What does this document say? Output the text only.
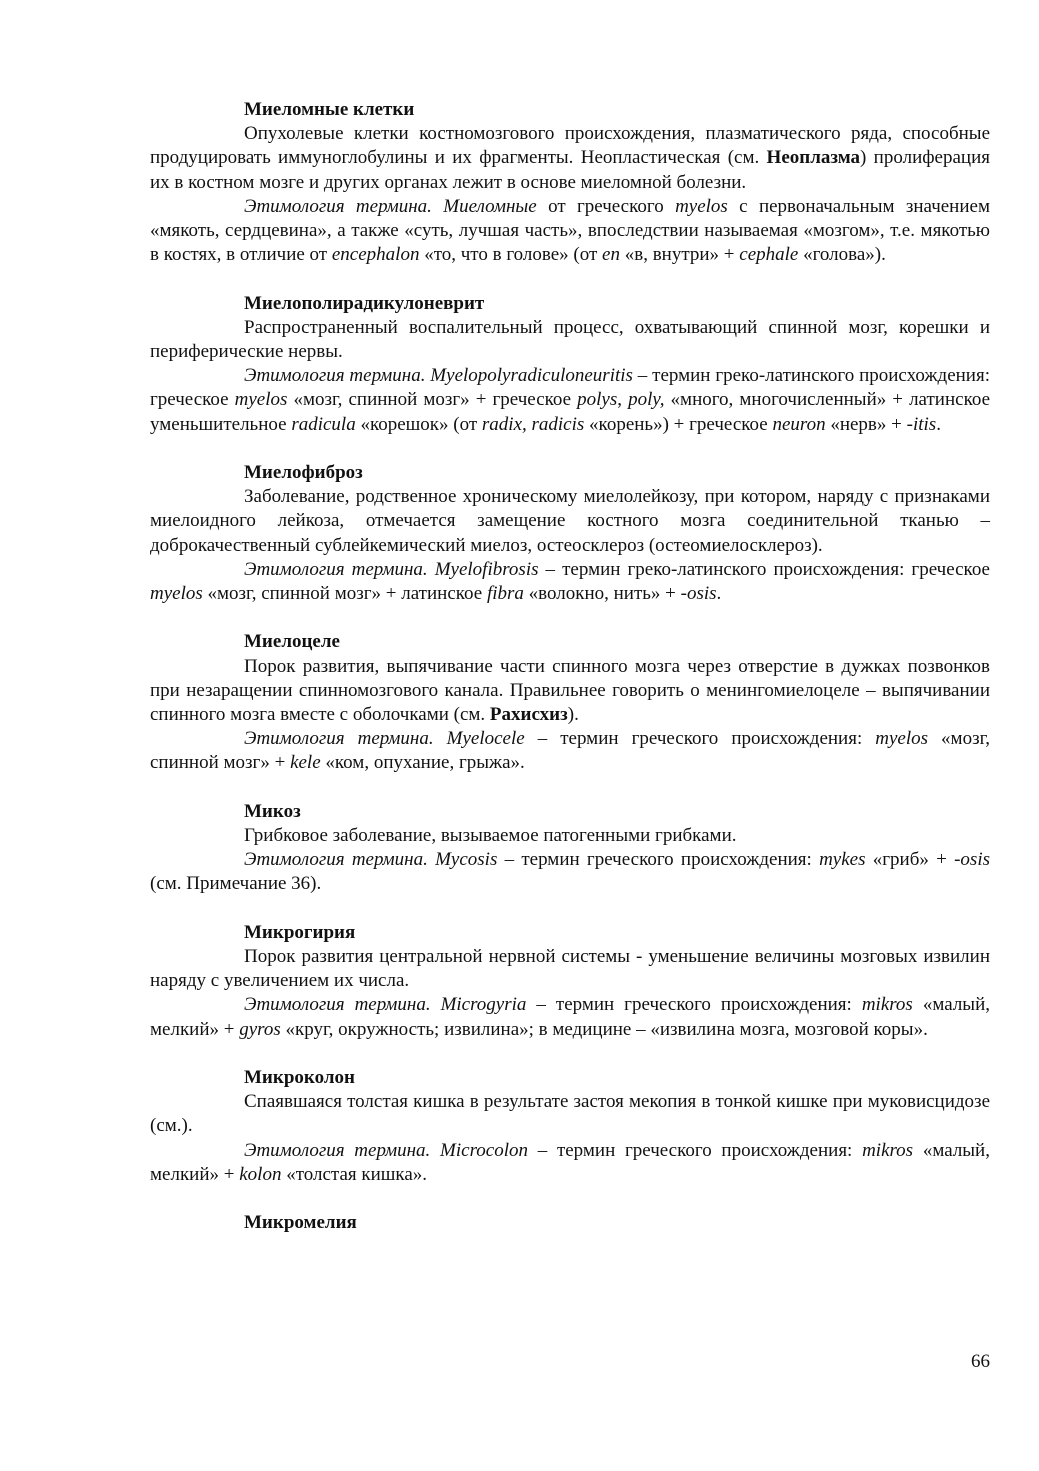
Миеломные клетки

Опухолевые клетки костномозгового происхождения, плазматического ряда, способные продуцировать иммуноглобулины и их фрагменты. Неопластическая (см. Неоплазма) пролиферация их в костном мозге и других органах лежит в основе миеломной болезни.

Этимология термина. Миеломные от греческого myelos с первоначальным значением «мякоть, сердцевина», а также «суть, лучшая часть», впоследствии называемая «мозгом», т.е. мякотью в костях, в отличие от encephalon «то, что в голове» (от en «в, внутри» + cephale «голова»).

Миелополирадикулоневрит

Распространенный воспалительный процесс, охватывающий спинной мозг, корешки и периферические нервы.

Этимология термина. Myelopolyradiculoneuritis – термин греко-латинского происхождения: греческое myelos «мозг, спинной мозг» + греческое polys, poly, «много, многочисленный» + латинское уменьшительное radicula «корешок» (от radix, radicis «корень») + греческое neuron «нерв» + -itis.

Миелофиброз

Заболевание, родственное хроническому миелолейкозу, при котором, наряду с признаками миелоидного лейкоза, отмечается замещение костного мозга соединительной тканью – доброкачественный сублейкемический миелоз, остеосклероз (остеомиелосклероз).

Этимология термина. Myelofibrosis – термин греко-латинского происхождения: греческое myelos «мозг, спинной мозг» + латинское fibra «волокно, нить» + -osis.

Миелоцеле

Порок развития, выпячивание части спинного мозга через отверстие в дужках позвонков при незаращении спинномозгового канала. Правильнее говорить о менингомиелоцеле – выпячивании спинного мозга вместе с оболочками (см. Рахисхиз).

Этимология термина. Myelocele – термин греческого происхождения: myelos «мозг, спинной мозг» + kele «ком, опухание, грыжа».

Микоз

Грибковое заболевание, вызываемое патогенными грибками.

Этимология термина. Mycosis – термин греческого происхождения: mykes «гриб» + -osis (см. Примечание 36).

Микрогирия

Порок развития центральной нервной системы - уменьшение величины мозговых извилин наряду с увеличением их числа.

Этимология термина. Microgyria – термин греческого происхождения: mikros «малый, мелкий» + gyros «круг, окружность; извилина»; в медицине – «извилина мозга, мозговой коры».

Микроколон

Спаявшаяся толстая кишка в результате застоя мекопия в тонкой кишке при муковисцидозе (см.).

Этимология термина. Microcolon – термин греческого происхождения: mikros «малый, мелкий» + kolon «толстая кишка».

Микромелия
66
